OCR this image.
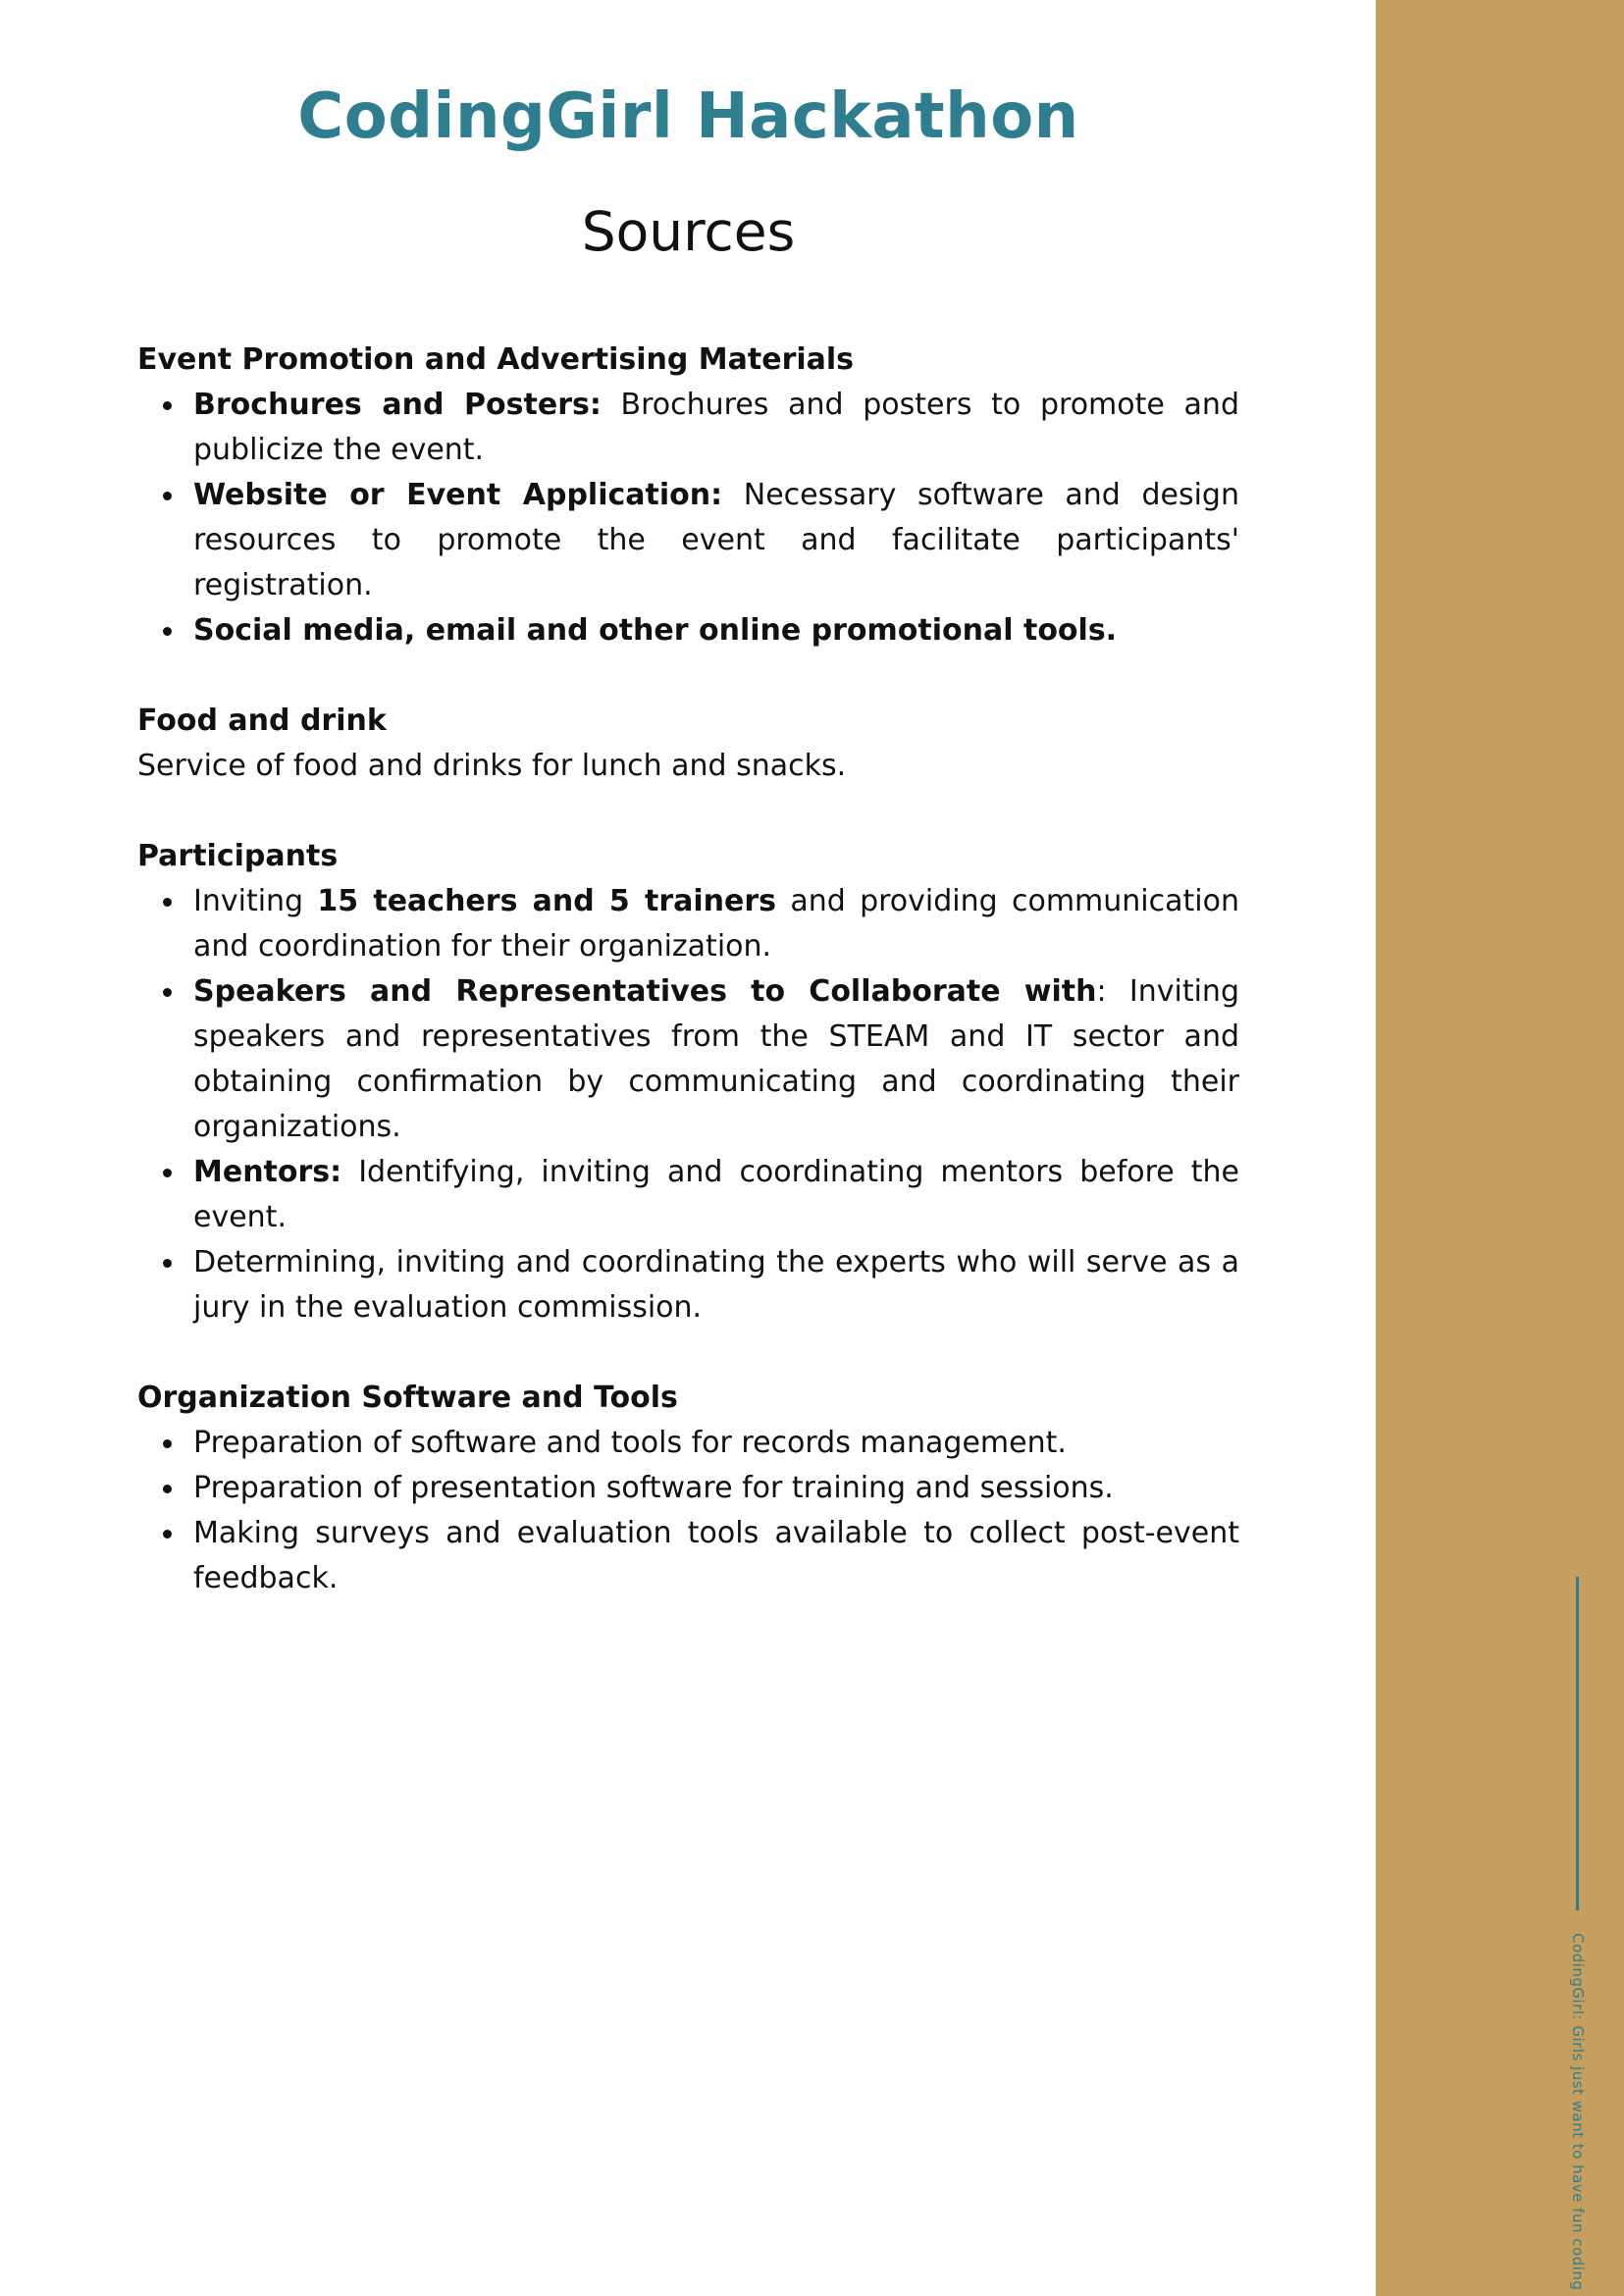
CodingGirl: Girls just want to have fun coding
CodingGirl Hackathon
Sources

Event Promotion and Advertising Materials

Brochures and Posters: Brochures and posters to promote and publicize the event.
Website or Event Application: Necessary software and design resources to promote the event and facilitate participants' registration.
Social media, email and other online promotional tools.

Food and drink

Service of food and drinks for lunch and snacks.

Participants

Inviting 15 teachers and 5 trainers and providing communication and coordination for their organization.
Speakers and Representatives to Collaborate with: Inviting speakers and representatives from the STEAM and IT sector and obtaining confirmation by communicating and coordinating their organizations.
Mentors: Identifying, inviting and coordinating mentors before the event.
Determining, inviting and coordinating the experts who will serve as a jury in the evaluation commission.

Organization Software and Tools

Preparation of software and tools for records management.
Preparation of presentation software for training and sessions.
Making surveys and evaluation tools available to collect post-event feedback.
